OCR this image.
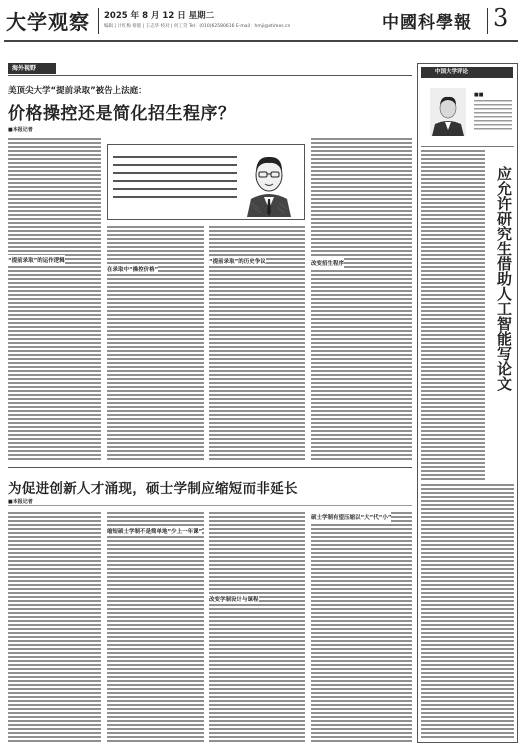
大学观察 2025 年 8 月 12 日 星期二
编辑 | 计红梅 排版 | 王志华 校对 | 何工劳 Tel：(010)62580616 E-mail：hmji@stimes.cn	中國科學報 3
海外视野
美顶尖大学“提前录取”被告上法庭：
价格操控还是简化招生程序？
■本报记者
“提前录取”的运作逻辑
在录取中“操控价格”
“提前录取”的历史争议	改变招生程序
为促进创新人才涌现，硕士学制应缩短而非延长
■本报记者
缩短硕士学制不是简单地“少上一年课”
改变学制设计与课程
硕士学制有望压缩以“大”代“小”
中国大学评论
■■
应允许研究生借助人工智能写论文
